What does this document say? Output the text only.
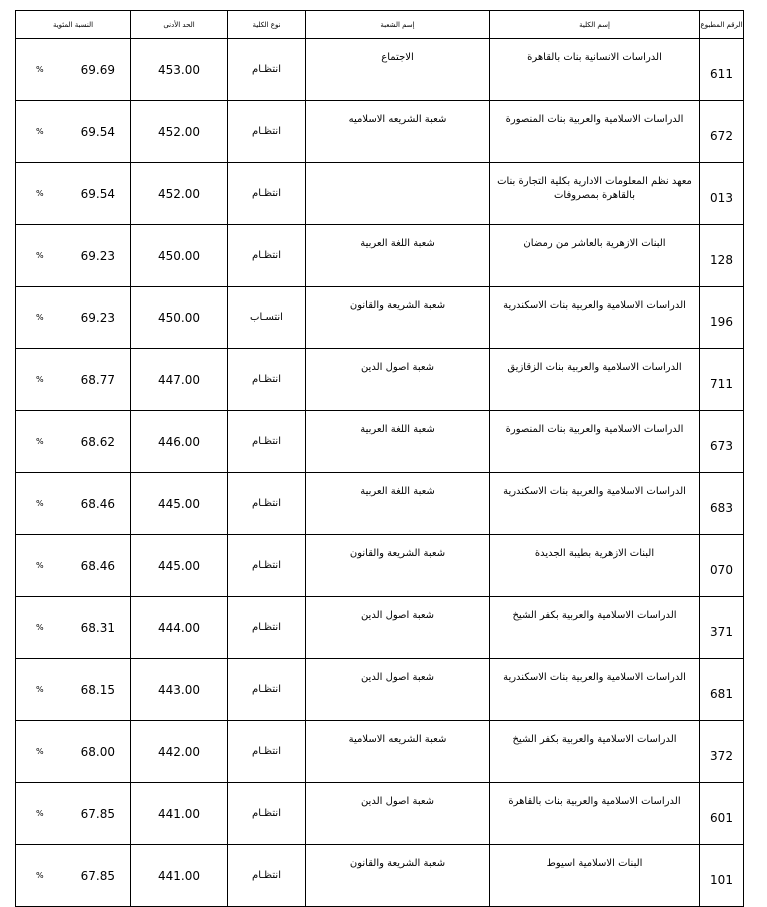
النسبة المئوية	الحد الأدنى	نوع الكلية	إسم الشعبة	إسم الكلية	الرقم المطبوع

% 69.69	453.00	انتظـام	الاجتماع	الدراسات الانسانية بنات بالقاهرة	611

% 69.54	452.00	انتظـام	شعبة الشريعه الاسلاميه	الدراسات الاسلامية والعربية بنات المنصورة	672

% 69.54	452.00	انتظـام		معهد نظم المعلومات الادارية بكلية التجارة بنات بالقاهرة بمصروفات	013

% 69.23	450.00	انتظـام	شعبة اللغة العربية	البنات الازهرية بالعاشر من رمضان	128

% 69.23	450.00	انتسـاب	شعبة الشريعة والقانون	الدراسات الاسلامية والعربية بنات الاسكندرية	196

% 68.77	447.00	انتظـام	شعبة اصول الدين	الدراسات الاسلامية والعربية بنات الزقازيق	711

% 68.62	446.00	انتظـام	شعبة اللغة العربية	الدراسات الاسلامية والعربية بنات المنصورة	673

% 68.46	445.00	انتظـام	شعبة اللغة العربية	الدراسات الاسلامية والعربية بنات الاسكندرية	683

% 68.46	445.00	انتظـام	شعبة الشريعة والقانون	البنات الازهرية بطيبة الجديدة	070

% 68.31	444.00	انتظـام	شعبة اصول الدين	الدراسات الاسلامية والعربية بكفر الشيخ	371

% 68.15	443.00	انتظـام	شعبة اصول الدين	الدراسات الاسلامية والعربية بنات الاسكندرية	681

% 68.00	442.00	انتظـام	شعبة الشريعه الاسلامية	الدراسات الاسلامية والعربية بكفر الشيخ	372

% 67.85	441.00	انتظـام	شعبة اصول الدين	الدراسات الاسلامية والعربية بنات بالقاهرة	601

% 67.85	441.00	انتظـام	شعبة الشريعة والقانون	البنات الاسلامية اسيوط	101
